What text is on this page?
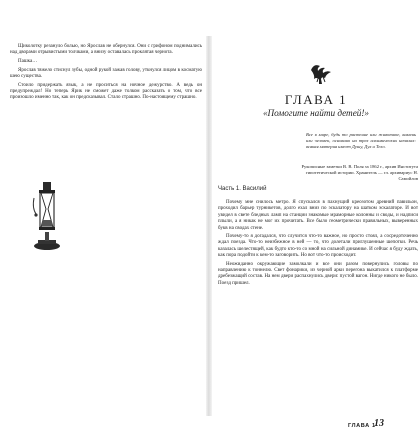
Щиколотку резануло болью, но Ярослав не обернулся. Они с грифоном поднимались над дворами отрывистыми толчками, а внизу оставалась проклятая чернота.

Пашка…

Ярослав тяжело стиснул зубы, одной рукой зажав голову, уткнулся лицом в косматую шею существа.

Стоило придержать язык, а не проситься на ночное дежурство. А ведь он предупреждал! Но теперь Ярик не сможет даже толком рассказать о том, что все произошло именно так, как он предсказывал. Стало страшно. По-настоящему страшно.	ГЛАВА 1

«Помогите найти детей!»

Все в мире, будь то растение или животное, камень или человек, основано на трех алхимических началах: всякая материя имеет Душу, Дух и Тело.
Рукописные заметки В. В. Поля за 1862 г., архив Института гипотетической истории. Хранитель — гл. архивариус Н. Самойлов
Часть 1. Василий

Почему мне снилось метро. Я спускался в пахнущий креозотом древний павильон, проходил барьер турникетов, долго ехал вниз по эскалатору на шатком эскалаторе. И вот увидел в свете бледных ламп на станции знакомые мраморные колонны и своды, и надписи плыли, а я никак не мог их прочитать. Все было геометрически правильных, выверенных букв на сводах стене.

Почему-то я догадался, что случится что-то важное, но просто стоял, а сосредоточенно ждал поезда. Что-то неизбежное в ней — то, что долетали приглушенные шепотки. Речь казалась шелестящей, как будто кто-то со мной на сильной динамике. И сейчас я буду ждать, как пора подойти к кем-то заговорить. Но вот что-то происходит.

Неожиданно окружающие замолкали и все они разом повернулись головы по направлению к тоннелю. Свет фонарики, из черной арки перегона выкатился к платформе дребезжащий состав. На нем двери распахнулись двери: пустой вагон. Нигде никого не было. Поезд пришел.

ГЛАВА 1
13
